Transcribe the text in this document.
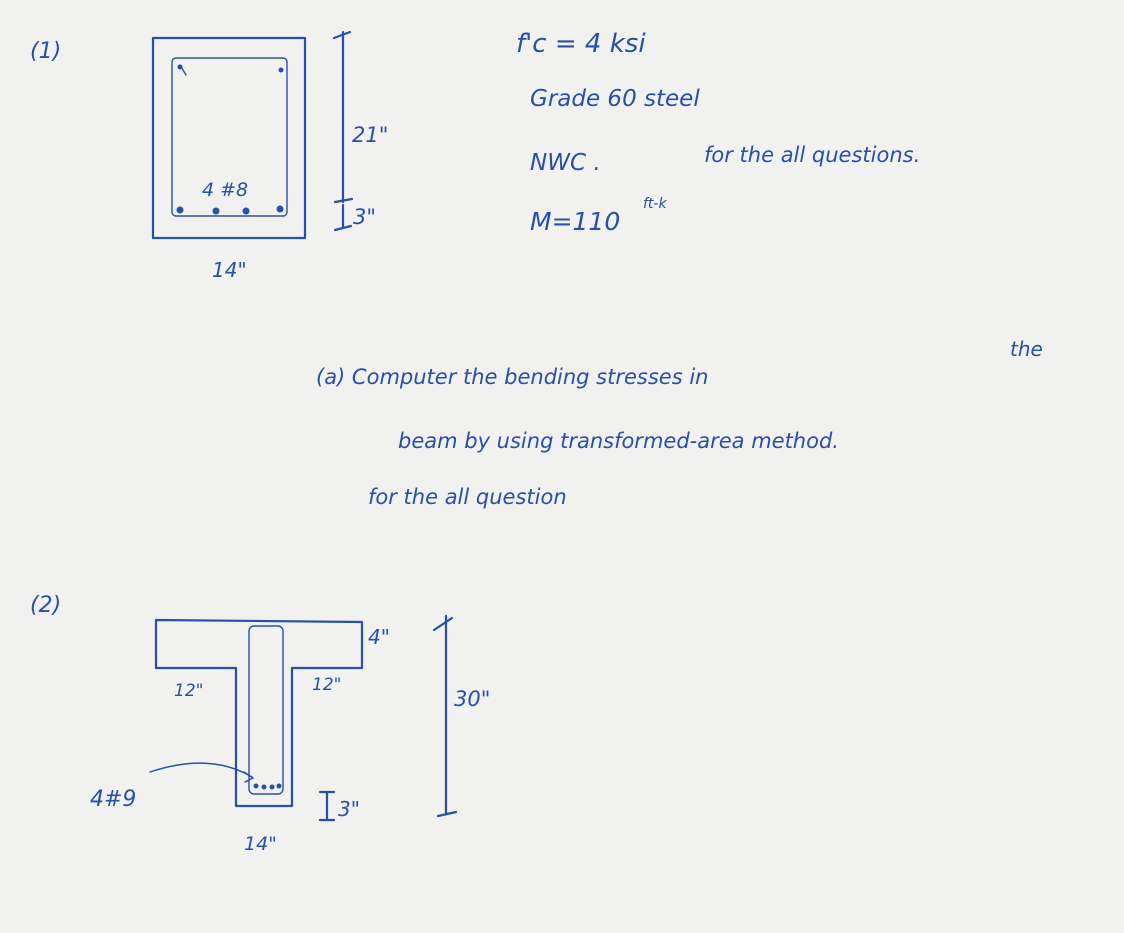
(1)
4 #8
21"
3"
14"
f'c = 4 ksi
Grade 60 steel
NWC .	for the all questions.
M=110
ft-k
(a) Computer the bending stresses in
the
beam by using transformed-area method.
for the all question
(2)
4#9
12"	12"
4"
14"
3"
30"
